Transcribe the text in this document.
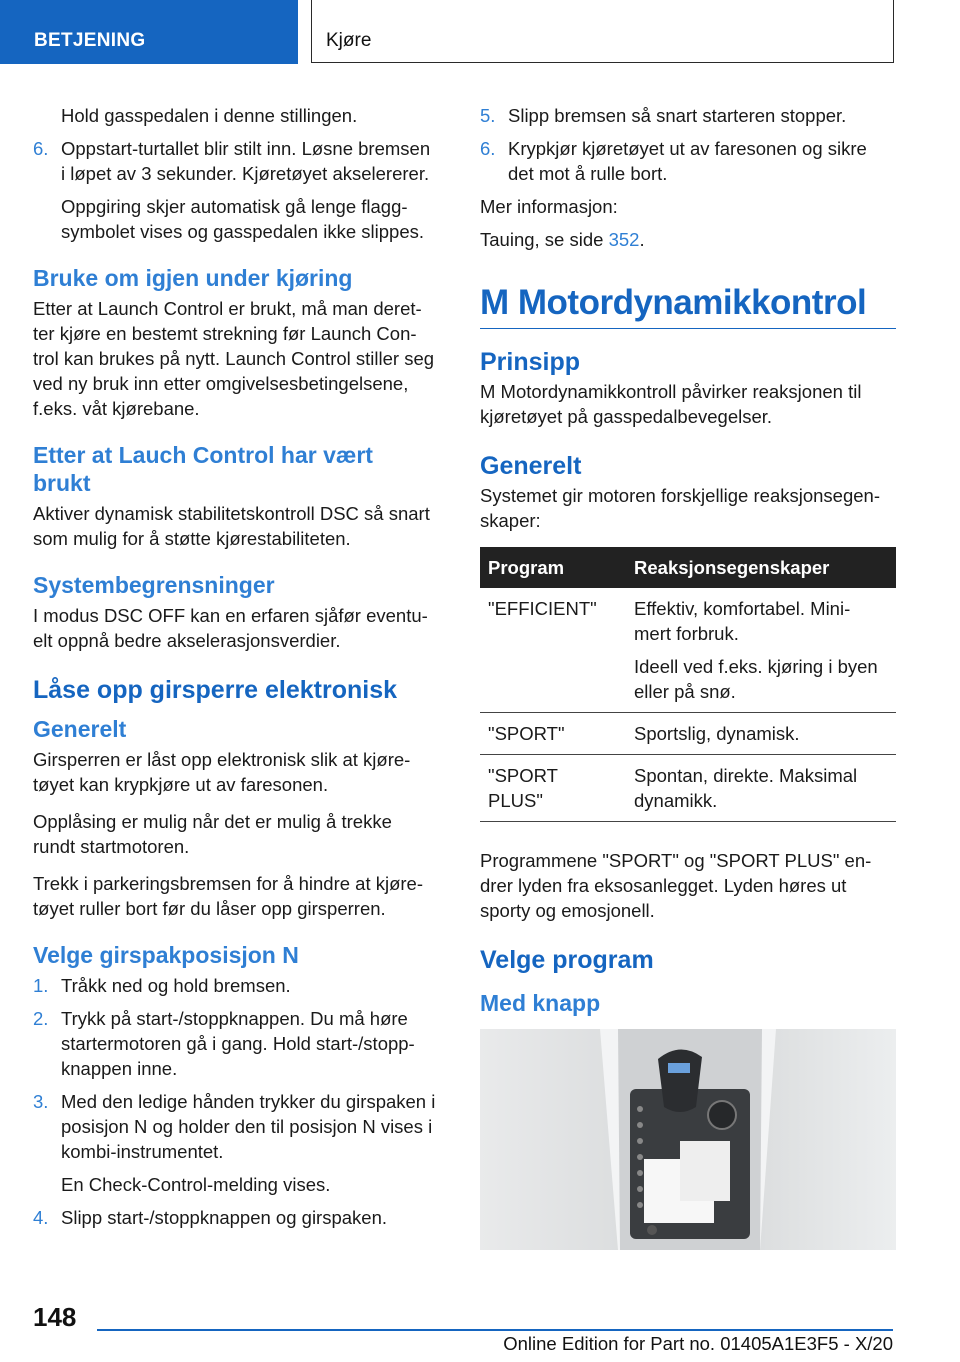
BETJENING	Kjøre
Hold gasspedalen i denne stillingen.
6. Oppstart-turtallet blir stilt inn. Løsne bremsen
i løpet av 3 sekunder. Kjøretøyet akselererer.
Oppgiring skjer automatisk gå lenge flagg- symbolet vises og gasspedalen ikke slippes.
Bruke om igjen under kjøring

Etter at Launch Control er brukt, må man deret-
ter kjøre en bestemt strekning før Launch Con-
trol kan brukes på nytt. Launch Control stiller seg
ved ny bruk inn etter omgivelsesbetingelsene,
f.eks. våt kjørebane.

Etter at Lauch Control har vært
brukt

Aktiver dynamisk stabilitetskontroll DSC så snart
som mulig for å støtte kjørestabiliteten.

Systembegrensninger

I modus DSC OFF kan en erfaren sjåfør eventu-
elt oppnå bedre akselerasjonsverdier.

Låse opp girsperre elektronisk
Generelt

Girsperren er låst opp elektronisk slik at kjøre-
tøyet kan krypkjøre ut av faresonen.

Opplåsing er mulig når det er mulig å trekke
rundt startmotoren.

Trekk i parkeringsbremsen for å hindre at kjøre-
tøyet ruller bort før du låser opp girsperren.

Velge girspakposisjon N
1. Tråkk ned og hold bremsen.
2. Trykk på start-/stoppknappen. Du må høre
startermotoren gå i gang. Hold start-/stopp-
knappen inne.
3. Med den ledige hånden trykker du girspaken i
posisjon N og holder den til posisjon N vises i
kombi-instrumentet.
En Check-Control-melding vises.
4. Slipp start-/stoppknappen og girspaken.
5. Slipp bremsen så snart starteren stopper.
6. Krypkjør kjøretøyet ut av faresonen og sikre
det mot å rulle bort.

Mer informasjon:

Tauing, se side 352.

M Motordynamikkontrol
Prinsipp

M Motordynamikkontroll påvirker reaksjonen til
kjøretøyet på gasspedalbevegelser.

Generelt

Systemet gir motoren forskjellige reaksjonsegen-
skaper:

Program	Reaksjonsegenskaper
"EFFICIENT"	Effektiv, komfortabel. Mini-
mert forbruk.
Ideell ved f.eks. kjøring i byen
eller på snø.

"SPORT"	Sportslig, dynamisk.

"SPORT
PLUS"	Spontan, direkte. Maksimal
dynamikk.

Programmene "SPORT" og "SPORT PLUS" en-
drer lyden fra eksosanlegget. Lyden høres ut
sporty og emosjonell.

Velge program
Med knapp
148
Online Edition for Part no. 01405A1E3F5 - X/20
